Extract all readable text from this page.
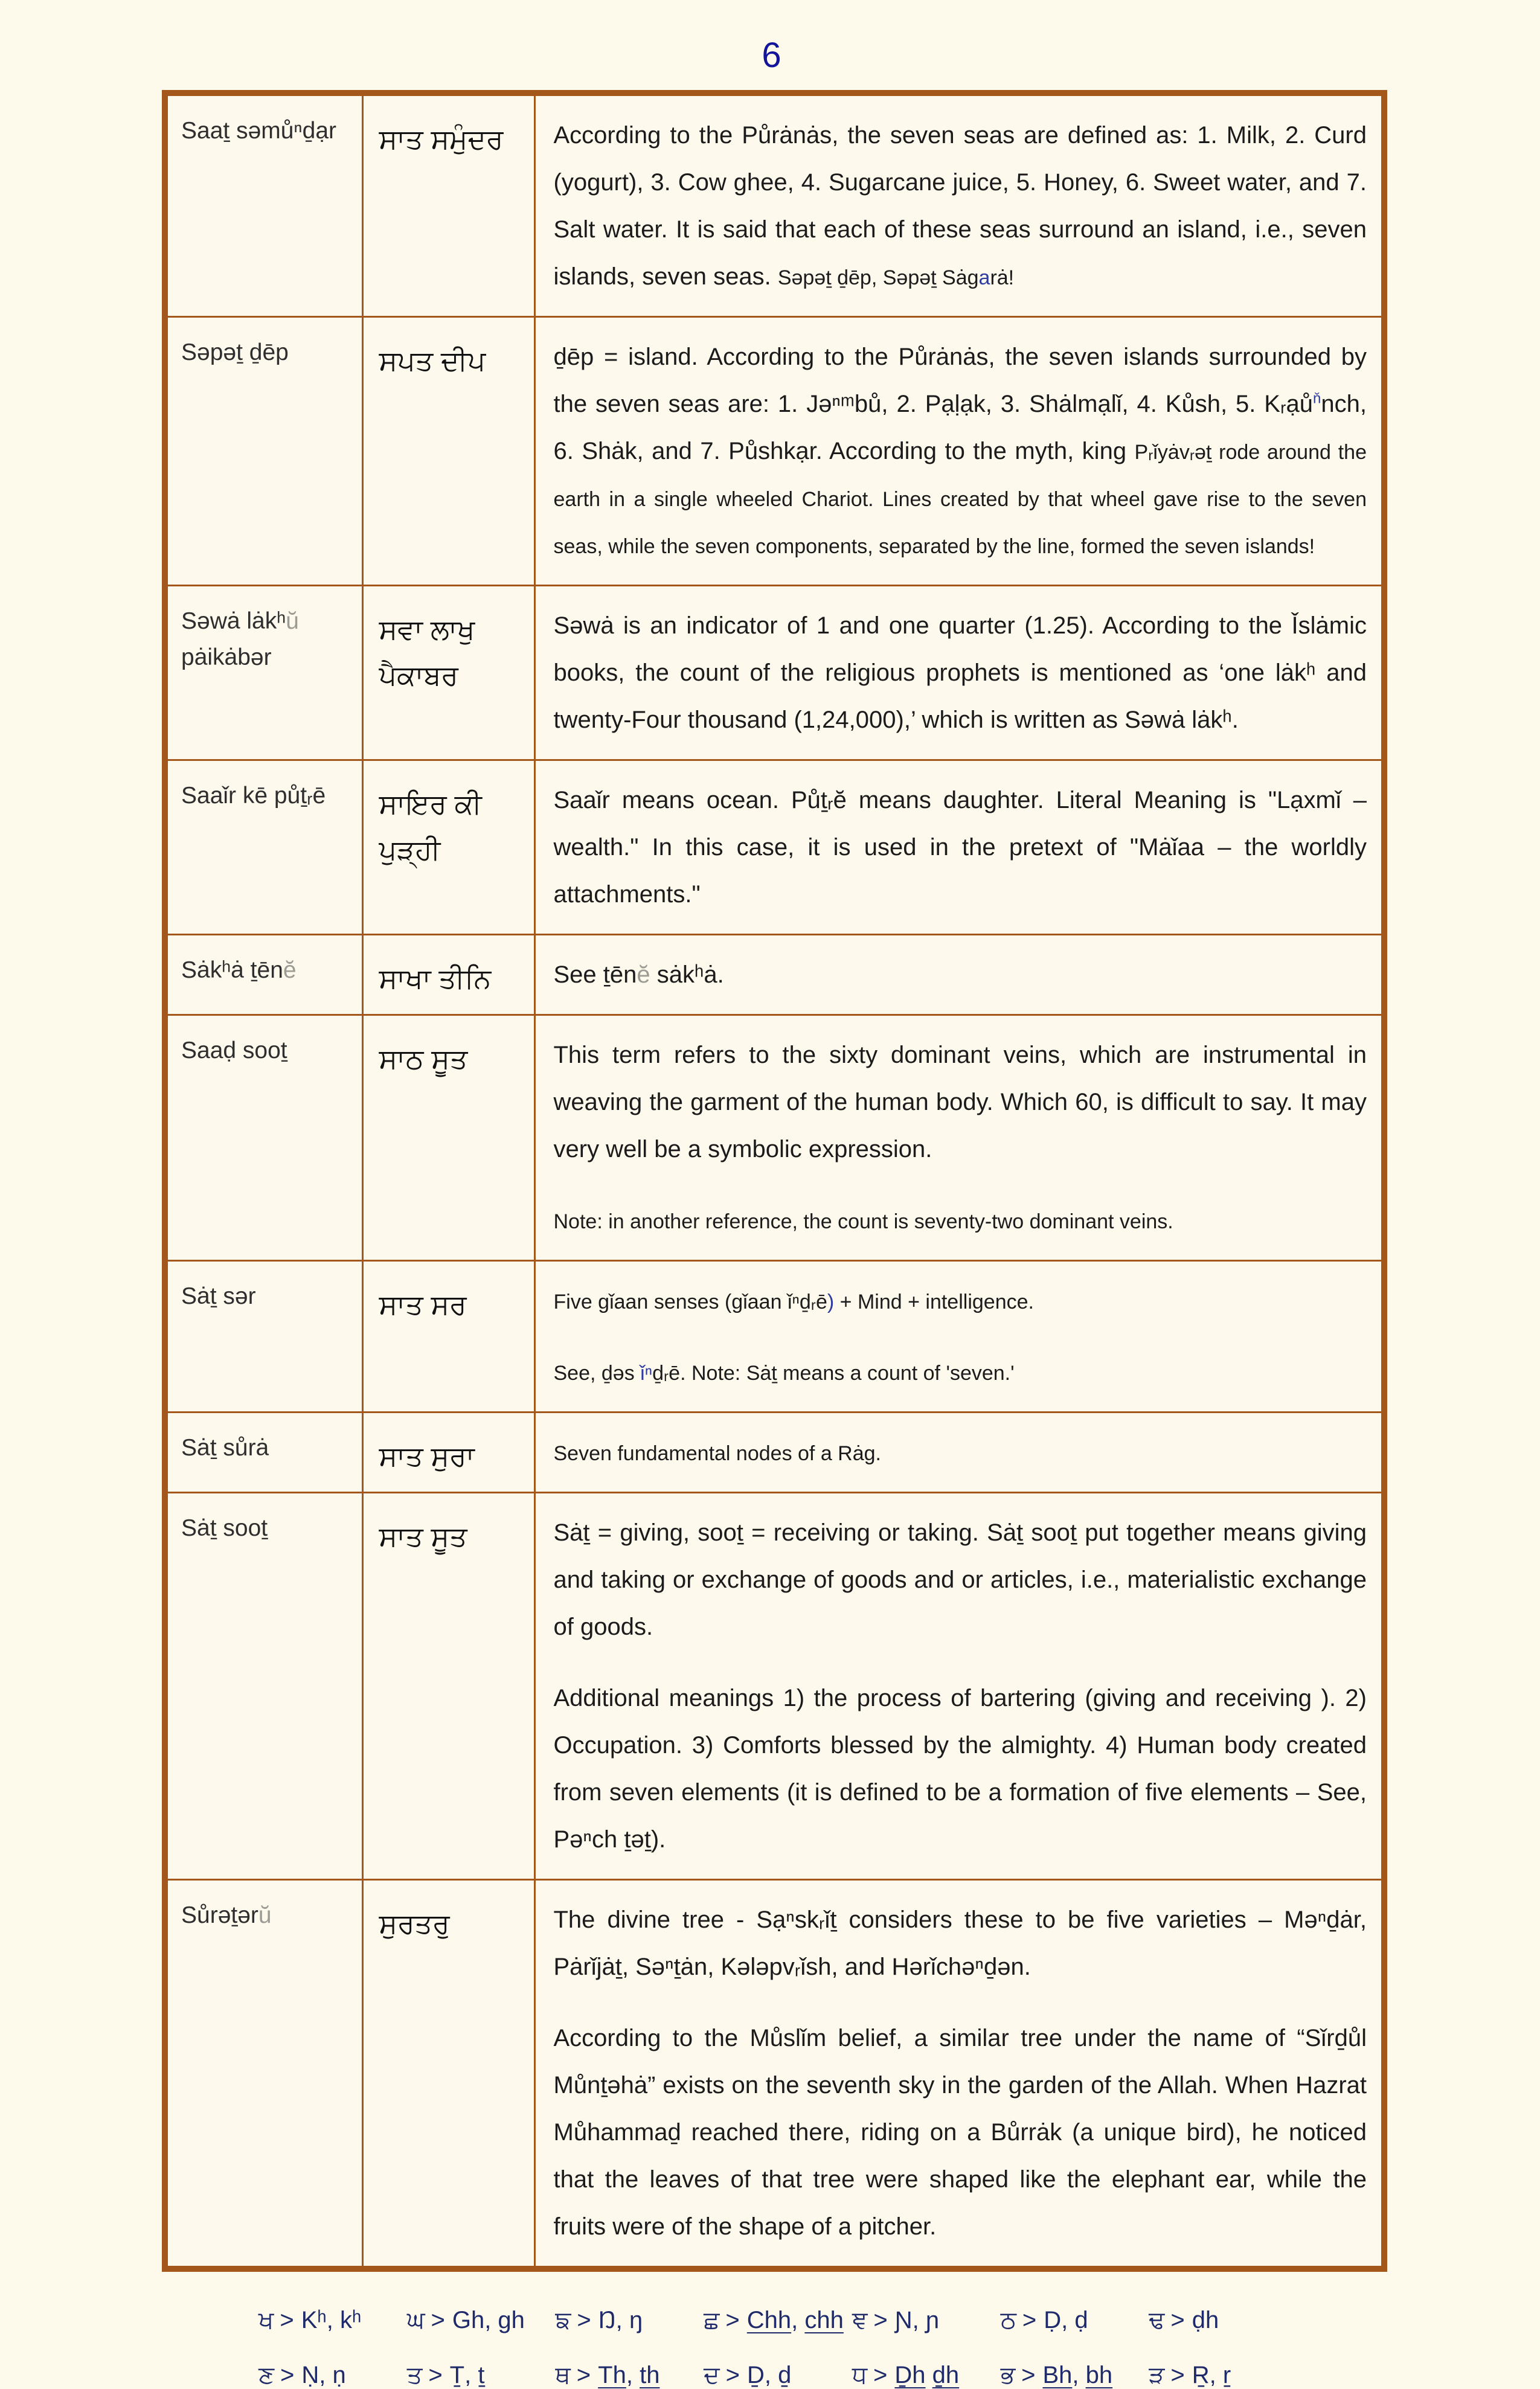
6
Saaṯ səmůⁿḏạr	ਸਾਤ ਸਮੁੰਦਰ	According to the Půrȧnȧs, the seven seas are defined as: 1. Milk, 2. Curd (yogurt), 3. Cow ghee, 4. Sugarcane juice, 5. Honey, 6. Sweet water, and 7. Salt water. It is said that each of these seas surround an island, i.e., seven islands, seven seas. Səpəṯ ḏēp, Səpəṯ Sȧgarȧ!

Səpəṯ ḏēp	ਸਪਤ ਦੀਪ	ḏēp = island. According to the Půrȧnȧs, the seven islands surrounded by the seven seas are: 1. Jəⁿᵐbů, 2. Pạḷạk, 3. Shȧlmạlǐ, 4. Kůsh, 5. Kᵣạů$^ň$nch, 6. Shȧk, and 7. Půshkạr. According to the myth, king Pᵣǐyȧvᵣəṯ rode around the earth in a single wheeled Chariot. Lines created by that wheel gave rise to the seven seas, while the seven components, separated by the line, formed the seven islands!

Səwȧ lȧkʰŭ pȧikȧbər	ਸਵਾ ਲਾਖੁ ਪੈਕਾਬਰ	Səwȧ is an indicator of 1 and one quarter (1.25). According to the Ǐslȧmic books, the count of the religious prophets is mentioned as ‘one lȧkʰ and twenty-Four thousand (1,24,000),’ which is written as Səwȧ lȧkʰ.

Saaǐr kē půṯᵣē	ਸਾਇਰ ਕੀ ਪੁੜ੍ਹੀ	Saaǐr means ocean. Půṯᵣĕ means daughter. Literal Meaning is "Lạxmǐ – wealth." In this case, it is used in the pretext of "Mȧǐaa – the worldly attachments."

Sȧkʰȧ ṯēnĕ	ਸਾਖਾ ਤੀਨਿ	See ṯēnĕ sȧkʰȧ.

Saaḍ sooṯ	ਸਾਠ ਸੂਤ	This term refers to the sixty dominant veins, which are instrumental in weaving the garment of the human body. Which 60, is difficult to say. It may very well be a symbolic expression.

Note: in another reference, the count is seventy-two dominant veins.

Sȧṯ sər	ਸਾਤ ਸਰ	Five gǐaan senses (gǐaan ǐⁿḏᵣē) + Mind + intelligence.

See, ḏəs ǐⁿḏᵣē. Note: Sȧṯ means a count of 'seven.'

Sȧṯ sůrȧ	ਸਾਤ ਸੁਰਾ	Seven fundamental nodes of a Rȧg.

Sȧṯ sooṯ	ਸਾਤ ਸੂਤ	Sȧṯ = giving, sooṯ = receiving or taking. Sȧṯ sooṯ put together means giving and taking or exchange of goods and or articles, i.e., materialistic exchange of goods.

Additional meanings 1) the process of bartering (giving and receiving ). 2) Occupation. 3) Comforts blessed by the almighty. 4) Human body created from seven elements (it is defined to be a formation of five elements – See, Pəⁿch ṯəṯ).

Sůrəṯərŭ	ਸੁਰਤਰੁ	The divine tree - Sạⁿskᵣǐṯ considers these to be five varieties – Məⁿḏȧr, Pȧrǐjȧṯ, Səⁿṯȧn, Kələpvᵣǐsh, and Hərǐchəⁿḏən.

According to the Můslǐm belief, a similar tree under the name of “Sǐrḏůl Můnṯəhȧ” exists on the seventh sky in the garden of the Allah. When Hazrat Můhammaḏ reached there, riding on a Bůrrȧk (a unique bird), he noticed that the leaves of that tree were shaped like the elephant ear, while the fruits were of the shape of a pitcher.

ਖ > Kʰ, kʰ	ਘ > Gh, gh	ਙ > Ŋ, ŋ	ਛ > Chh, chh ਞ > Ɲ, ɲ	ਠ > Ḍ, ḍ	ਢ > ḍh
ਣ > Ṇ, ṇ	ਤ > Ṯ, ṯ	ਥ > Th, th	ਦ > Ḏ, ḏ	ਧ > Ḏh ḏh	ਭ > Bh, bh	ੜ > Ṟ, ṟ
